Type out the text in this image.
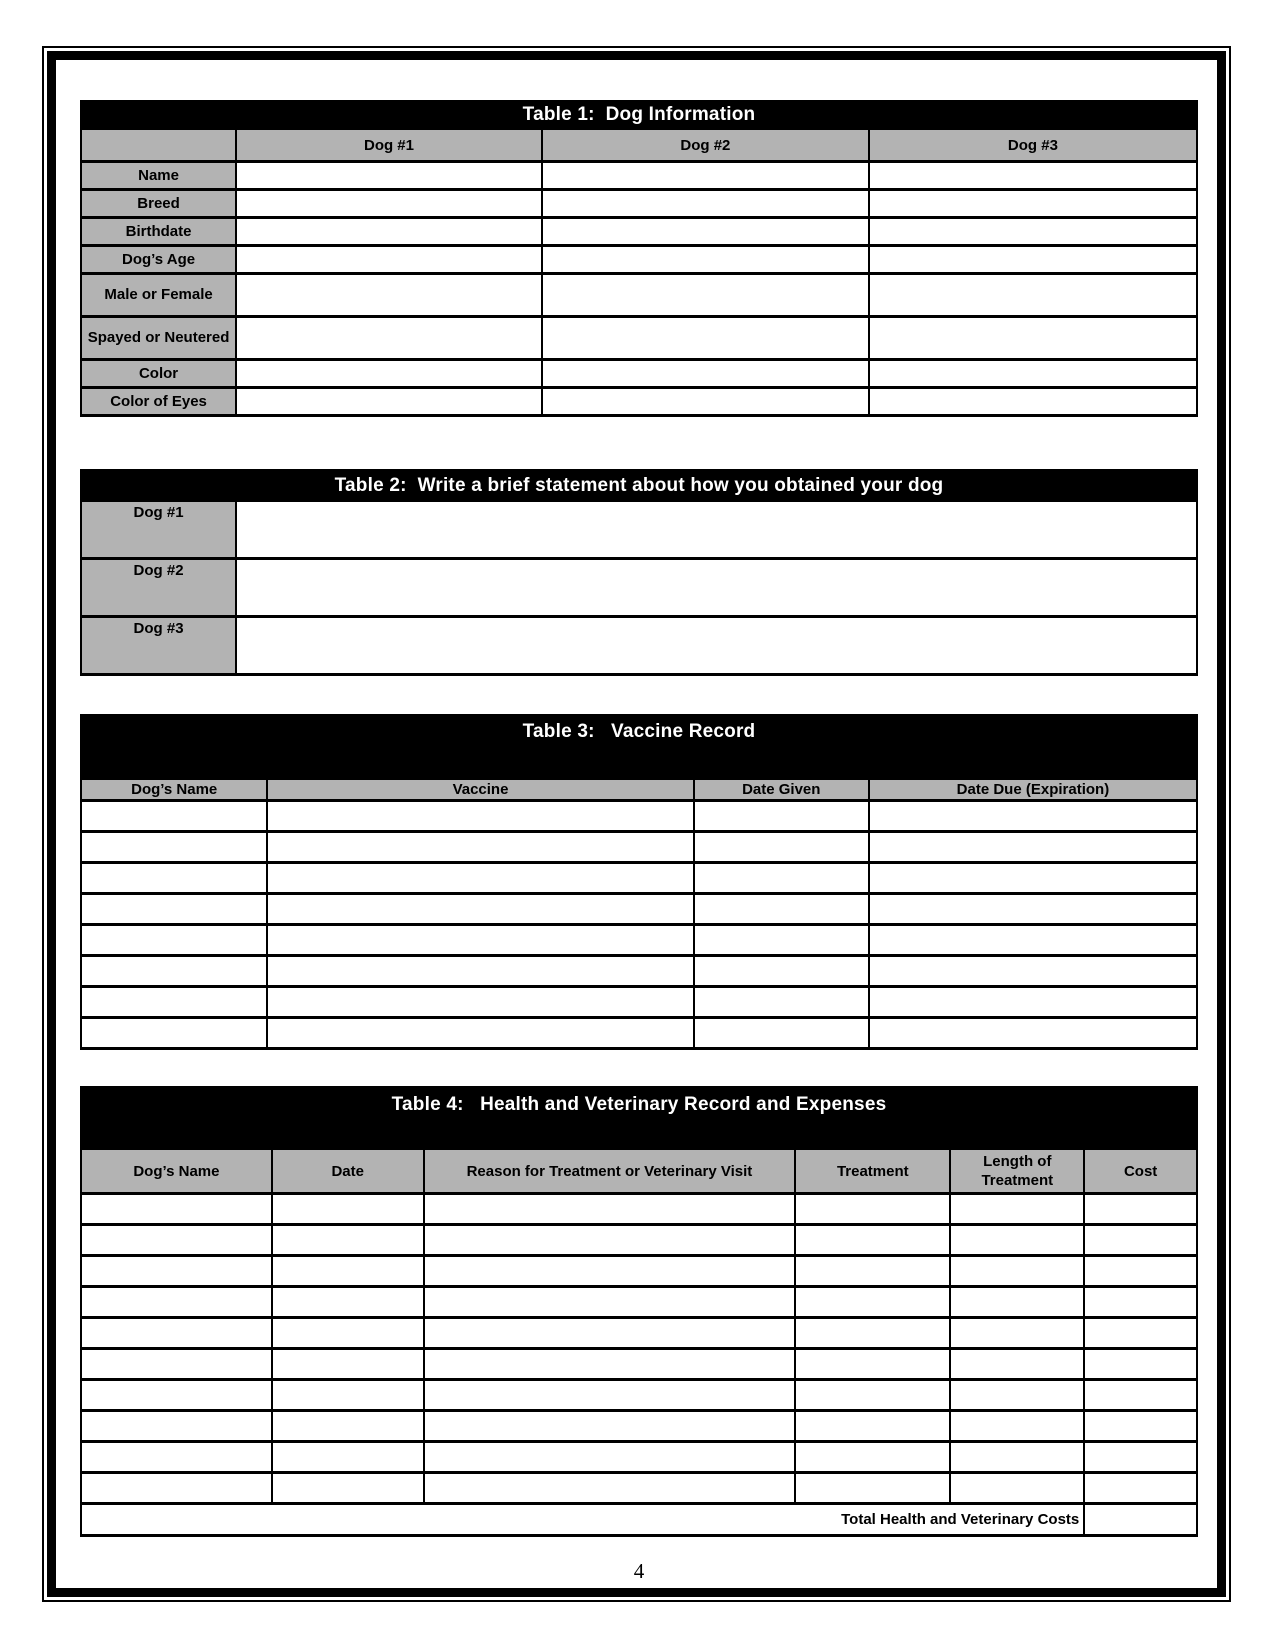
Table 1:  Dog Information			
	Dog #1	Dog #2	Dog #3
Name			
Breed			
Birthdate			
Dog’s Age			
Male or Female			
Spayed or Neutered			
Color			
Color of Eyes			
Table 2:  Write a brief statement about how you obtained your dog	
Dog #1	
Dog #2	
Dog #3	
Table 3:   Vaccine Record			
Dog’s Name	Vaccine	Date Given	Date Due (Expiration)

Table 4:   Health and Veterinary Record and Expenses					
Dog’s Name	Date	Reason for Treatment or Veterinary Visit	Treatment	Length of Treatment	Cost

Total Health and Veterinary Costs					
4
